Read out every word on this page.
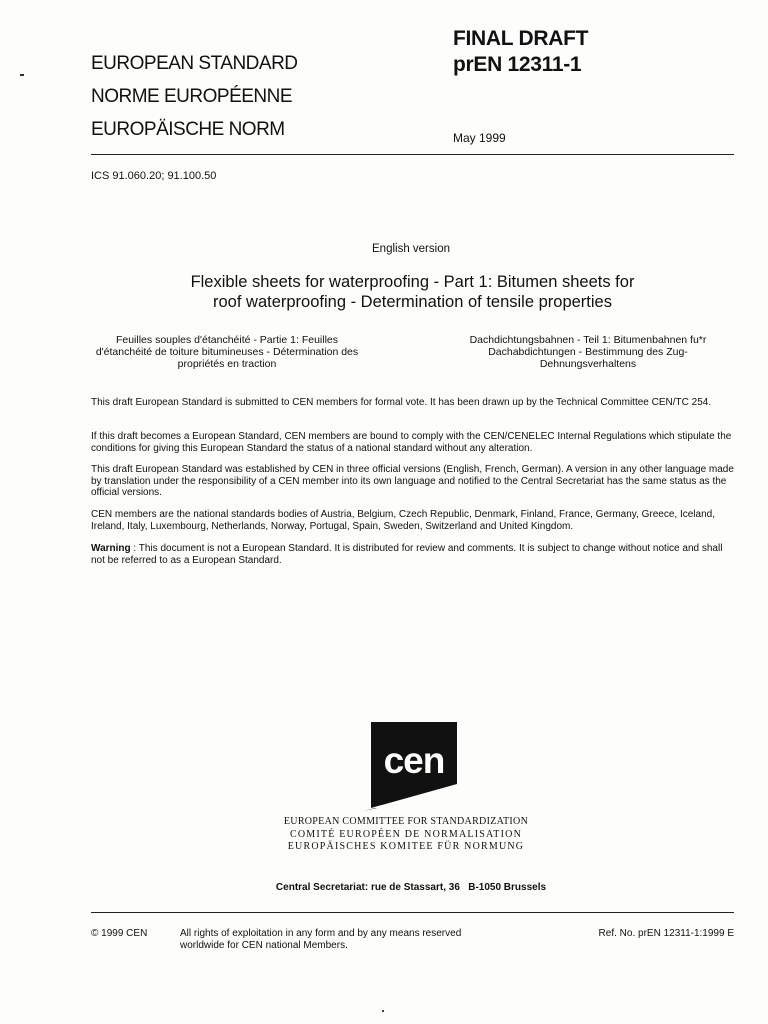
EUROPEAN STANDARD
NORME EUROPÉENNE
EUROPÄISCHE NORM
FINAL DRAFT
prEN 12311-1
May 1999
ICS 91.060.20; 91.100.50
English version
Flexible sheets for waterproofing - Part 1: Bitumen sheets for
roof waterproofing - Determination of tensile properties
Feuilles souples d'étanchéité - Partie 1: Feuilles
d'étanchéité de toiture bitumineuses - Détermination des
propriétés en traction
Dachdichtungsbahnen - Teil 1: Bitumenbahnen fu*r
Dachabdichtungen - Bestimmung des Zug-
Dehnungsverhaltens
This draft European Standard is submitted to CEN members for formal vote. It has been drawn up by the Technical Committee CEN/TC 254.
If this draft becomes a European Standard, CEN members are bound to comply with the CEN/CENELEC Internal Regulations which stipulate the conditions for giving this European Standard the status of a national standard without any alteration.
This draft European Standard was established by CEN in three official versions (English, French, German). A version in any other language made by translation under the responsibility of a CEN member into its own language and notified to the Central Secretariat has the same status as the official versions.
CEN members are the national standards bodies of Austria, Belgium, Czech Republic, Denmark, Finland, France, Germany, Greece, Iceland, Ireland, Italy, Luxembourg, Netherlands, Norway, Portugal, Spain, Sweden, Switzerland and United Kingdom.
Warning : This document is not a European Standard. It is distributed for review and comments. It is subject to change without notice and shall not be referred to as a European Standard.
cen
EUROPEAN COMMITTEE FOR STANDARDIZATION
COMITÉ EUROPÉEN DE NORMALISATION
EUROPÄISCHES KOMITEE FÜR NORMUNG
Central Secretariat: rue de Stassart, 36   B-1050 Brussels
© 1999 CEN	All rights of exploitation in any form and by any means reserved
worldwide for CEN national Members.
Ref. No. prEN 12311-1:1999 E
